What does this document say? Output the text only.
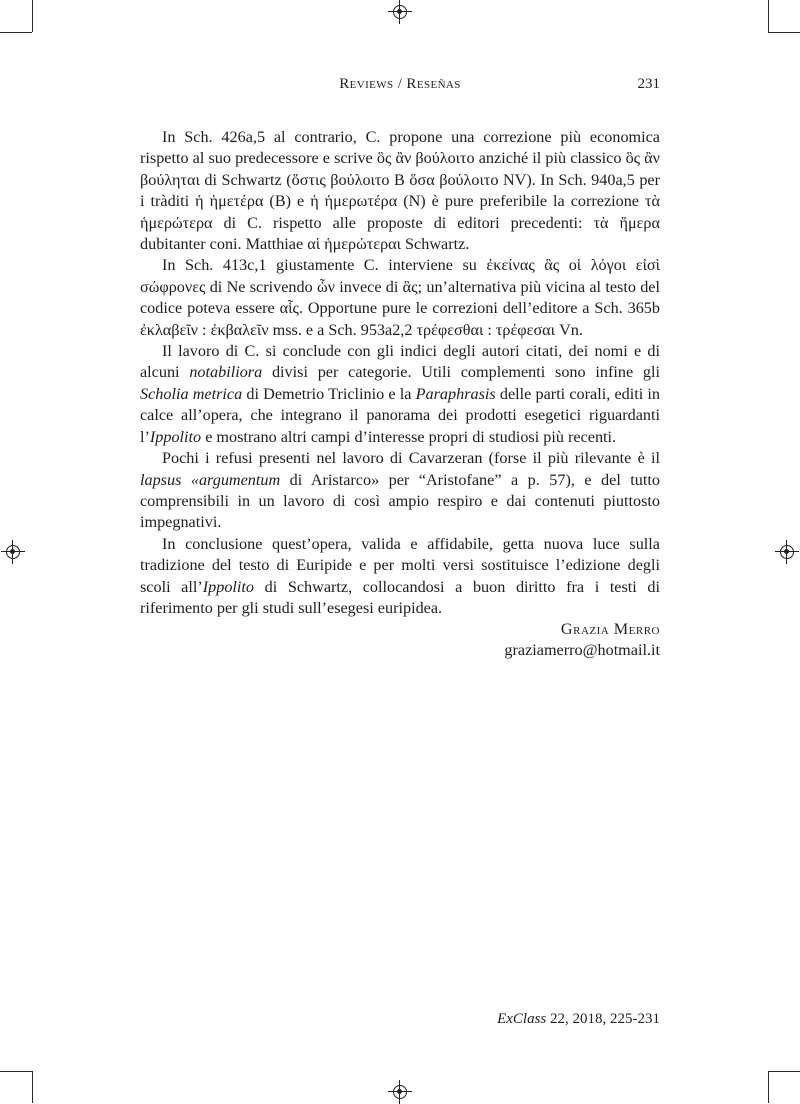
Reviews / Reseñas	231

In Sch. 426a,5 al contrario, C. propone una correzione più economica rispetto al suo predecessore e scrive ὃς ἂν βούλοιτο anziché il più classico ὃς ἂν βούληται di Schwartz (ὅστις βούλοιτο B ὅσα βούλοιτο NV). In Sch. 940a,5 per i tràditi ἡ ἡμετέρα (B) e ἡ ἡμερωτέρα (N) è pure preferibile la correzione τὰ ἡμερώτερα di C. rispetto alle proposte di editori precedenti: τὰ ἥμερα dubitanter coni. Matthiae αἱ ἡμερώτεραι Schwartz.

In Sch. 413c,1 giustamente C. interviene su ἐκείνας ἃς οἱ λόγοι εἰσὶ σώφρονες di Ne scrivendo ὧν invece di ἃς; un’alternativa più vicina al testo del codice poteva essere αἷς. Opportune pure le correzioni dell’editore a Sch. 365b ἐκλαβεῖν : ἐκβαλεῖν mss. e a Sch. 953a2,2 τρέφεσθαι : τρέφεσαι Vn.

Il lavoro di C. si conclude con gli indici degli autori citati, dei nomi e di alcuni notabiliora divisi per categorie. Utili complementi sono infine gli Scholia metrica di Demetrio Triclinio e la Paraphrasis delle parti corali, editi in calce all’opera, che integrano il panorama dei prodotti esegetici riguardanti l’Ippolito e mostrano altri campi d’interesse propri di studiosi più recenti.

Pochi i refusi presenti nel lavoro di Cavarzeran (forse il più rilevante è il lapsus «argumentum di Aristarco» per “Aristofane” a p. 57), e del tutto comprensibili in un lavoro di così ampio respiro e dai contenuti piuttosto impegnativi.

In conclusione quest’opera, valida e affidabile, getta nuova luce sulla tradizione del testo di Euripide e per molti versi sostituisce l’edizione degli scoli all’Ippolito di Schwartz, collocandosi a buon diritto fra i testi di riferimento per gli studi sull’esegesi euripidea.

Grazia Merro
graziamerro@hotmail.it
ExClass 22, 2018, 225-231
